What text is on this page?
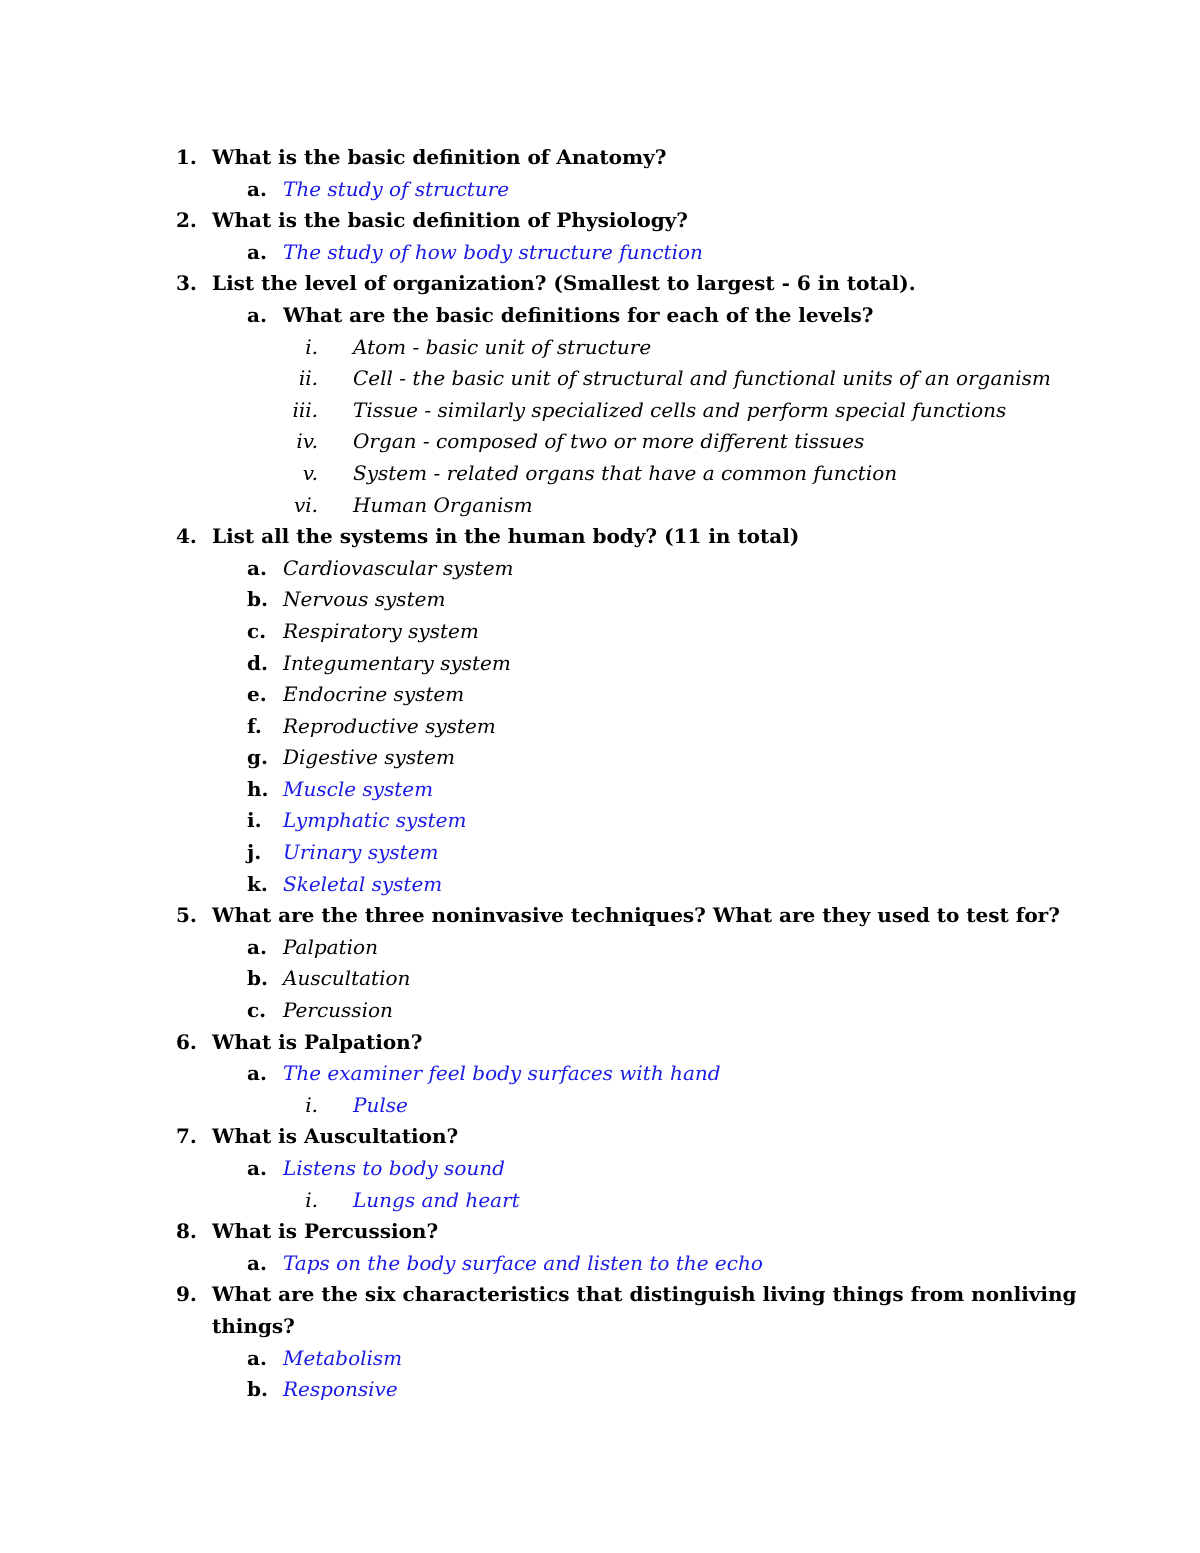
1. What is the basic definition of Anatomy?
a. The study of structure
2. What is the basic definition of Physiology?
a. The study of how body structure function
3. List the level of organization? (Smallest to largest - 6 in total).
a. What are the basic definitions for each of the levels?
i. Atom - basic unit of structure
ii. Cell - the basic unit of structural and functional units of an organism
iii. Tissue - similarly specialized cells and perform special functions
iv. Organ - composed of two or more different tissues
v. System - related organs that have a common function
vi. Human Organism
4. List all the systems in the human body? (11 in total)
a. Cardiovascular system
b. Nervous system
c. Respiratory system
d. Integumentary system
e. Endocrine system
f. Reproductive system
g. Digestive system
h. Muscle system
i. Lymphatic system
j. Urinary system
k. Skeletal system
5. What are the three noninvasive techniques? What are they used to test for?
a. Palpation
b. Auscultation
c. Percussion
6. What is Palpation?
a. The examiner feel body surfaces with hand
i. Pulse
7. What is Auscultation?
a. Listens to body sound
i. Lungs and heart
8. What is Percussion?
a. Taps on the body surface and listen to the echo
9. What are the six characteristics that distinguish living things from nonliving
things?
a. Metabolism
b. Responsive
